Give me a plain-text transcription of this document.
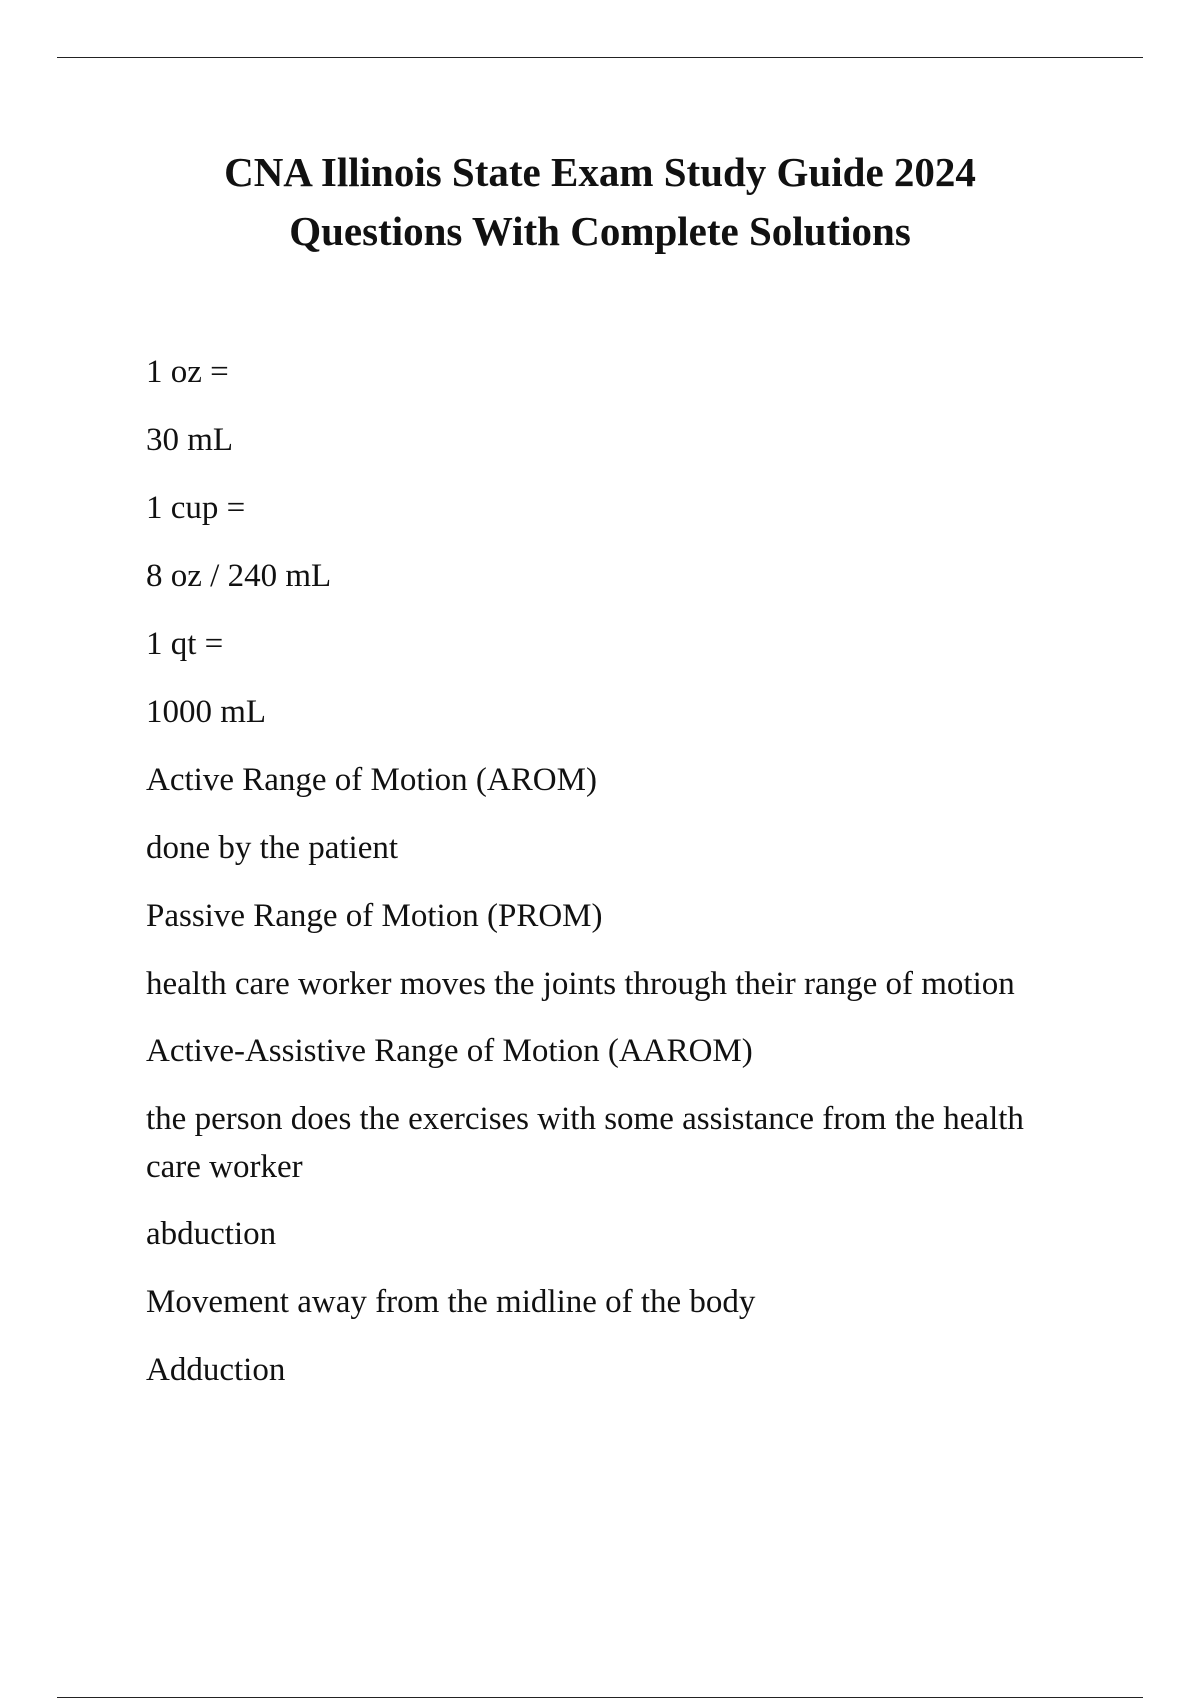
CNA Illinois State Exam Study Guide 2024
Questions With Complete Solutions
1 oz =
30 mL
1 cup =
8 oz / 240 mL
1 qt =
1000 mL
Active Range of Motion (AROM)
done by the patient
Passive Range of Motion (PROM)
health care worker moves the joints through their range of motion
Active-Assistive Range of Motion (AAROM)
the person does the exercises with some assistance from the health care worker
abduction
Movement away from the midline of the body
Adduction
